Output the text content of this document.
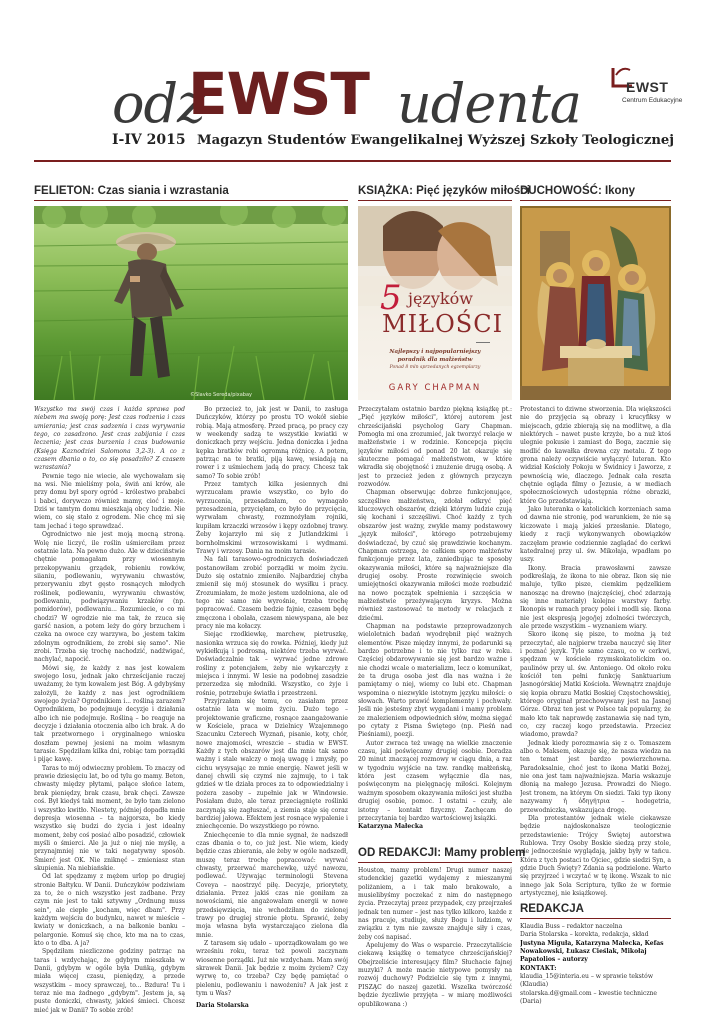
odz
EWST udenta
I-IV 2015 Magazyn Studentów Ewangelikalnej Wyższej Szkoły Teologicznej
EWST
Centrum Edukacyjne
FELIETON: Czas siania i wzrastania	KSIĄŻKA: Pięć języków miłości
DUCHOWOŚĆ: Ikony
©Slavko Sereda/pixabay
5 języków
MIŁOŚCI
Najlepszy i najpopularniejszy
poradnik dla małżeństw
Ponad 8 mln sprzedanych egzemplarzy
GARY CHAPMAN

Wszystko ma swój czas i każda sprawa pod niebem ma swoją porę: Jest czas rodzenia i czas umierania; jest czas sadzenia i czas wyrywania tego, co zasadzono. Jest czas zabijania i czas leczenia; jest czas burzenia i czas budowania (Księga Kaznodziei Salomona 3,2-3). A co z czasem dbania o to, co się posadziło? Z czasem wzrastania?

Pewnie tego nie wiecie, ale wychowałam się na wsi. Nie mieliśmy pola, świń ani krów, ale przy domu był spory ogród – królestwo prababci i babci, dorywczo również mamy, cioć i moje. Dziś w tamtym domu mieszkają obcy ludzie. Nie wiem, co się stało z ogrodem. Nie chcę mi się tam jechać i tego sprawdzać.

Ogrodnictwo nie jest moją mocną stroną. Wolę nie liczyć, ile roślin uśmierciłam przez ostatnie lata. Na pewno dużo. Ale w dzieciństwie chętnie pomagałam przy wiosennym przekopywaniu grządek, robieniu rowków, siianiu, podlewaniu, wyrywaniu chwastów, przerywaniu zbyt gęsto rosnących młodych roślinek, podlewaniu, wyrywaniu chwastów, podlewaniu, podwiązywaniu krzaków (np. pomidorów), podlewaniu... Rozumiecie, o co mi chodzi? W ogrodzie nie ma tak, że rzuca się garść nasion, a potem leży do góry brzuchem i czeka na owoce czy warzywa, bo ,jestem takim zdolnym ogrodnikiem, że zrobi się samo". Nie zrobi. Trzeba się trochę nachodzić, nadźwigać, nachylać, napocić.

Mówi się, że każdy z nas jest kowalem swojego losu, jednak jako chrześcijanie raczej uważamy, że tym kowalem jest Bóg. A gdybyśmy założyli, że każdy z nas jest ogrodnikiem swojego życia? Ogrodnikiem i... rośliną zarazem? Ogrodnikiem, bo podejmuje decyzje i działania albo ich nie podejmuje. Rośliną – bo reaguje na decyzje i działania otoczenia albo ich brak. A do tak przetwornego i oryginalnego wniosku doszłam pewnej jesieni na moim własnym tarasie. Spędziłam kilka dni, robiąc tam porządki i pijąc kawę.

Taras to mój odwieczny problem. To znaczy od prawie dziesięciu lat, bo od tylu go mamy. Beton, chwasty między płytami, pałące słońce latem, brak pieniędzy, brak czasu, brak chęci. Zawsze coś. Był kiedyś taki moment, że było tam zielono i wszystko kwitło. Niestety, później dopadła mnie depresja wiosenna – ta najgorsza, bo kiedy wszystko się budzi do życia i jest idealny moment, żeby coś posiać albo posadzić, człowiek myśli o śmierci. Ale ja już o niej nie myślę, a przynajmniej nie w taki negatywny sposób. Śmierć jest OK. Nie zniknęć – zmieniasz stan skupienia. Na niebiańskie.

Od lat spędzamy z mężem urlop po drugiej stronie Bałtyku. W Danii. Duńczyków podziwiam za to, że o nich wszystko jest zadbane. Przy czym nie jest to taki sztywny „Ordnung muss sein", ale ciepłe „kocham, więc dbam". Przy każdym wejściu do budynku, nawet w mieście – kwiaty w doniczkach, a na balkonie banku – pelargonie. Komuś się chce, kto ma na to czas, kto o to dba. A ja?

Spędziłam niezliczone godziny patrząc na taras i wzdychając, że gdybym mieszkała w Danii, gdybym w ogóle była Duńką, gdybym miała więcej czasu, pieniędzy, a przede wszystkim – mocy sprawczej, to... Bzdura! Tu i teraz nie ma żadnego „gdybym". Jestem ja, są puste doniczki, chwasty, jakieś śmieci. Chcesz mieć jak w Danii? To sobie zrób!

Bo przecież to, jak jest w Danii, to zasługa Duńczyków, którzy po prostu TO wokół siebie robią. Mają atmosferę. Przed pracą, po pracy czy w weekendy sadzą te wszystkie kwiatki w doniczkach przy wejściu. Jedna doniczka i jedna kępka bratków robi ogromną różnicę. A potem, patrząc na te bratki, piją kawę, wsiadają na rower i z uśmiechem jadą do pracy. Chcesz tak samo? To sobie zrób!

Przez tamtych kilka jesiennych dni wyrzucałam prawie wszystko, co było do wyrzucenia, przesadzałam, co wymagało przesadzenia, przycięłam, co było do przycięcia, wyrwałam chwasty, rozmnożyłam rojniki, kupiłam krzaczki wrzosów i kępy ozdobnej trawy. Żeby kojarzyło mi się z Jutlandzkimi i bornholmskimi wrzosowiskami i wydmami. Trawy i wrzosy. Dania na moim tarasie.

Na fali tarasowo-ogrodniczych doświadczeń postanowiłam zrobić porządki w moim życiu. Dużo się ostatnio zmieniło. Najbardziej chyba zmienił się mój stosunek do wysiłku i pracy. Zrozumiałam, że może jestem uzdolniona, ale od tego nic samo nie wyrośnie, trzeba trochę popracować. Czasem bedzie fajnie, czasem będę zmęczona i obolała, czasem niewyspana, ale bez pracy nie ma kołaczy.

Siejąc rzodkiewkę, marchew, pietruszkę, nasionka wrzuca się do rowka. Później, kiedy już wykiełkują i podrosną, niektóre trzeba wyrwać. Doświadczalnie tak – wyrwać jedne zdrowe rośliny z potencjałem, żeby nie wykarczyły z miejsca i innymi. W lesie na podobnej zasadzie przerzedza się młodniki. Wszystko, co żyje i rośnie, potrzebuje światła i przestrzeni.

Przyjrzałam się temu, co zasiałam przez ostatnie lata w moim życiu. Dużo tego – projektowanie graficzne, rosnące zaangażowanie w Kościele, praca w Dzielnicy Wzajemnego Szacunku Czterech Wyznań, pisanie, koty, chór, nowe znajomości, wreszcie – studia w EWST. Każdy z tych obszarów jest dla mnie tak samo ważny i stale walczy o moją uwagę i zmysły, po cichu wysysając ze mnie energię. Nawet jeśli w danej chwili się czymś nie zajmuję, to i tak gdzieś w tle działa proces za to odpowiedzialny i pożera zasoby – zupełnie jak w Windowsie. Posiałam dużo, ale teraz przeciągnięte roślinki zaczynają się zagłuszać, a ziemia staje się coraz bardziej jałowa. Efektem jest rosnące wypalenie i zniechęcenie. Do wszystkiego po równo.

Zniechęcenie to dla mnie sygnał, że nadszedł czas dbania o to, co już jest. Nie wiem, kiedy będzie czas zbierania, ale żeby w ogóle nadszedł, muszę teraz trochę popracować: wyrwać chwasty, przerwać marchewkę, użyć nawozu, podlewać. Używając terminologii Stevena Coveya – naostrzyć piłę. Decyzje, priorytety, działania. Przez jakiś czas nie goniłam za nowościami, nie angażowałam energii w nowe przedsięwzięcia, nie wchodziłam do zielonej trawy po drugiej stronie płotu. Sprawić, żeby moja własna była wystarczająco zielona dla mnie.

Z tarasem się udało – uporządkowałam go we wrześniu roku, teraz też powoli zaczynam wiosenne porządki. Już nie wzdycham. Mam swój skrawek Danii. Jak będzie z moim życiem? Czy wyrwę to, co trzeba? Czy będę pamiętać o pieleniu, podlewaniu i nawożeniu? A jak jest z tym u Was?

Daria Stolarska

Przeczytałam ostatnio bardzo piękną książkę pt.: „Pięć języków miłości", której autorem jest chrześcijański psycholog Gary Chapman. Pomogła mi ona zrozumieć, jak tworzyć relacje w małżeństwie i w rodzinie. Koncepcja pięciu języków miłości od ponad 20 lat okazuje się skuteczne pomagać małżeństwom, w które wkradła się obojętność i znużenie drugą osobą. A jest to przecież jeden z głównych przyczyn rozwodów.

Chapman obserwując dobrze funkcjonujące, szczęśliwe małżeństwa, zdołał odkryć pięć kluczowych obszarów, dzięki którym ludzie czują się kochani i szczęśliwi. Choć każdy z tych obszarów jest ważny, zwykle mamy podstawowy „język miłości", którego potrzebujemy doświadczać, by czuć się prawdziwie kochanym. Chapman ostrzega, że całkiem sporo małżeństw funkcjonuje przez lata, zaniedbując te sposoby okazywania miłości, które są najważniejsze dla drugiej osoby. Proste rozwinięcie swoich umiejętności okazywania miłości może rozbudzić na nowo początek spełnienia i szczęścia w małżeństwie przeżywającym kryzys. Można również zastosować te metody w relacjach z dziećmi.

Chapman na podstawie przeprowadzonych wieloletnich badań wyodrębnił pięć ważnych elementów. Pisze między innymi, że podarunki są bardzo potrzebne i to nie tylko raz w roku. Częściej obdarowywanie się jest bardzo ważne i nie chodzi wcale o materializm, lecz o komunikat, że ta druga osoba jest dla nas ważna i że pamiętamy o niej, wiemy co lubi etc. Chapman wspomina o niezwykle istotnym języku miłości: o słowach. Warto prawić komplementy i pochwały. Jeśli nie jesteśmy zbyt wygadani i mamy problem ze znalezieniem odpowiednich słów, można sięgać po cytaty z Pisma Świętego (np. Pieśń nad Pieśniami), poezji.

Autor zwraca też uwagę na wielkie znaczenie czasu, jaki poświęcamy drugiej osobie. Doradza 20 minut znaczącej rozmowy w ciągu dnia, a raz w tygodniu wyjście na tzw. randkę małżeńską, która jest czasem wyłącznie dla nas, poświęconym na pielęgnację miłości. Kolejnym ważnym sposobem okazywania miłości jest służba drugiej osobie, pomoc. I ostatni – czuły, ale istotny – kontakt fizyczny. Zachęcam do przeczytania tej bardzo wartościowej książki.

Katarzyna Małecka

OD REDAKCJI: Mamy problem

Houston, mamy problem! Drugi numer naszej studenckiej gazetki wydajemy z mieszanymi poliżaniem, a i tak mało brakowało, a musielibyśmy poczekać z nim do następnego życia. Przeczytaj przez przypadek, czy przejrzałeś jednak ten numer – jest nas tylko kilkoro, każde z nas pracuje, studiuje, służy Bogu i ludziom, w związku z tym nie zawsze znajduje siły i czas, żeby coś napisać.

Apelujemy do Was o wsparcie. Przeczytaliście ciekawą książkę o tematyce chrześcijańskiej? Obejrzeliście interesujący film? Słuchacie fajnej muzyki? A może macie nietypowe pomysły na rozwój duchowy? Podzielcie się tym z innymi, PISZĄC do naszej gazetki. Wszelka twórczość będzie życzliwie przyjęta – w miarę możliwości opublikowana :)

Protestanci to dziwne stworzenia. Dla większości nie do przyjęcia są obrazy i krucyfiksy w miejscach, gdzie zbierają się na modlitwę, a dla niektórych – nawet puste krzyże, bo a nuż ktoś ulegnie pokusie i zamiast do Boga, zacznie się modlić do kawałka drewna czy metalu. Z tego grona należy oczywiście wyłączyć luteran. Kto widział Kościoły Pokoju w Świdnicy i Jaworze, z pewnością wie, dlaczego. Jednak cała reszta chętnie ogląda filmy o Jezusie, a w mediach społecznościowych udostępnia różne obrazki, które Go przedstawiają.

Jako luteranka o katolickich korzeniach sama od dawna nie stronię, pod warunkiem, że nie są kiczowate i mają jakieś przesłanie. Dlatego, kiedy z racji wykonywanych obowiązków zaczęłam prawie codziennie zaglądać do cerkwi katedralnej przy ul. św. Mikołaja, wpadłam po uszy.

Ikony. Bracia prawosławni zawsze podkreślają, że ikona to nie obraz. Ikon się nie maluje, tylko pisze, ciemkim pędzelkiem nanosząc na drewno (najczęściej, choć zdarzają się inne materiały) kolejne warstwy farby. Ikonopis w ramach pracy polei i modli się. Ikona nie jest ekspresją jego/jej zdolności twórczych, ale przede wszystkim – wyznaniem wiary.

Skoro ikonę się pisze, to można ją też przeczytać, ale najpierw trzeba nauczyć się liter i poznać język. Tyle samo czasu, co w cerkwi, spędzam w kościele rzymskokatolickim oo. paulinów przy ul. św. Antoniego. Od około roku kościół ten pełni funkcję Sanktuarium Jasnogórskiej Matki Kościoła. Wewnątrz znajduje się kopia obrazu Matki Boskiej Częstochowskiej, którego oryginał przechowywany jest na Jasnej Górze. Obraz ten jest w Polsce tak popularny, że mało kto tak naprawdę zastanawia się nad tym, co, czy raczej kogo przedstawia. Przeciez wiadomo, prawda?

Jednak kiedy porozmawia się z o. Tomaszem albo o. Maksem, okazuje się, że nasza wiedza na ten temat jest bardzo powierzchowna. Paradoksalnie, choć jest to ikona Matki Bożej, nie ona jest tam najważniejsza. Maria wskazuje dłonią na małego Jezusa. Prowadzi do Niego. Jest tronem, na którym On siedzi. Taki typ ikony nazywamy ἡ ὁδηγήτρια – hodegetria, przewodniczka, wskazująca drogę.

Dla protestantów jednak wiele ciekawsze będzie najdoskonalsze teologicznie przedstawienie: Trójcy Świętej autorstwa Rublowa. Trzy Osoby Boskie siedzą przy stole, ale jednocześnie wyglądają, jakby były w tańcu. Która z tych postaci to Ojciec, gdzie siedzi Syn, a gdzie Duch Święty? Zdania są podzielone. Warto się przyjrzeć i wczytać w tę ikonę. Wszak to nic innego jak Sola Scriptura, tylko że w formie artystycznej, nie książkowej.

REDAKCJA

Klaudia Buss – redaktor naczelna

Daria Stolarska – korekta, redakcja, skład

Justyna Miguła, Katarzyna Małecka, Kefas Nowakowski, Łukasz Cieślak, Mikołaj Papatolios – autorzy

KONTAKT:

klaudia_15@interia.eu – w sprawie tekstów (Klaudia)

stolarska.d@gmail.com – kwestie techniczne (Daria)
